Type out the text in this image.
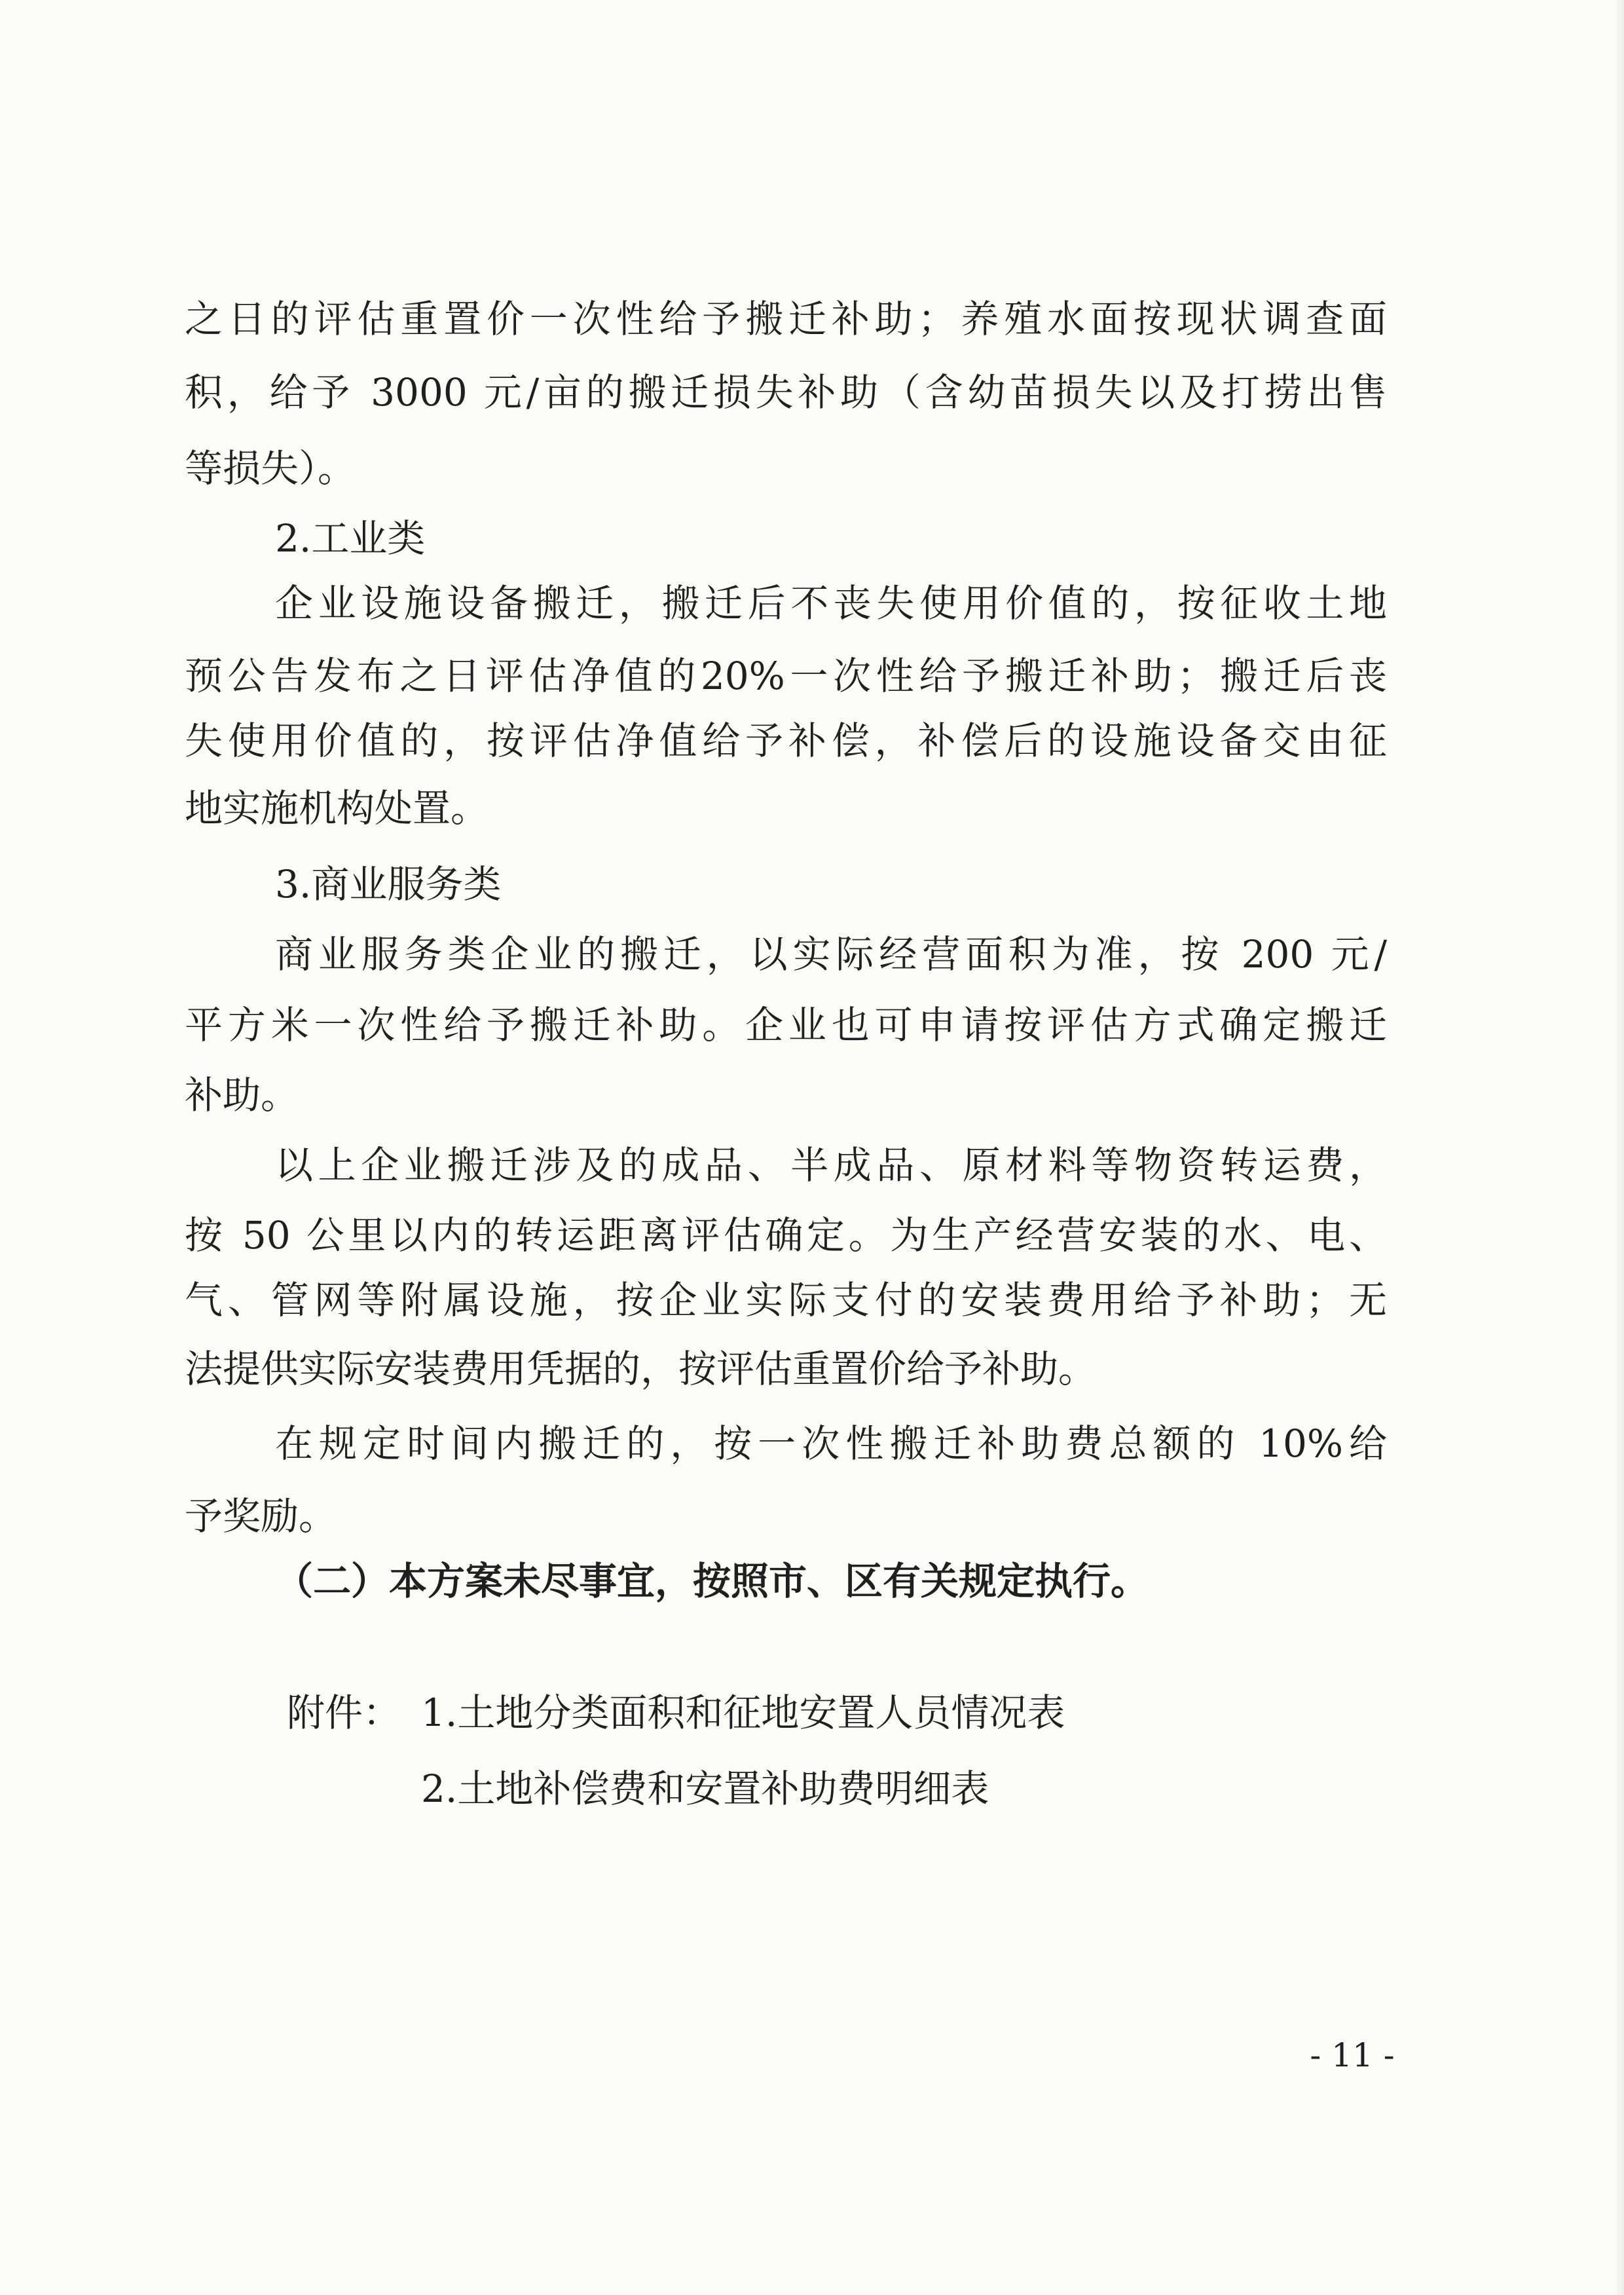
之日的评估重置价一次性给予搬迁补助；养殖水面按现状调查面
积，给予 3000 元/亩的搬迁损失补助（含幼苗损失以及打捞出售
等损失）。
2.工业类
企业设施设备搬迁，搬迁后不丧失使用价值的，按征收土地
预公告发布之日评估净值的20%一次性给予搬迁补助；搬迁后丧
失使用价值的，按评估净值给予补偿，补偿后的设施设备交由征
地实施机构处置。
3.商业服务类
商业服务类企业的搬迁，以实际经营面积为准，按 200 元/
平方米一次性给予搬迁补助。企业也可申请按评估方式确定搬迁
补助。
以上企业搬迁涉及的成品、半成品、原材料等物资转运费，
按 50 公里以内的转运距离评估确定。为生产经营安装的水、电、
气、管网等附属设施，按企业实际支付的安装费用给予补助；无
法提供实际安装费用凭据的，按评估重置价给予补助。
在规定时间内搬迁的，按一次性搬迁补助费总额的 10%给
予奖励。
（二）本方案未尽事宜，按照市、区有关规定执行。
附件： 1.土地分类面积和征地安置人员情况表
2.土地补偿费和安置补助费明细表
- 11 -
